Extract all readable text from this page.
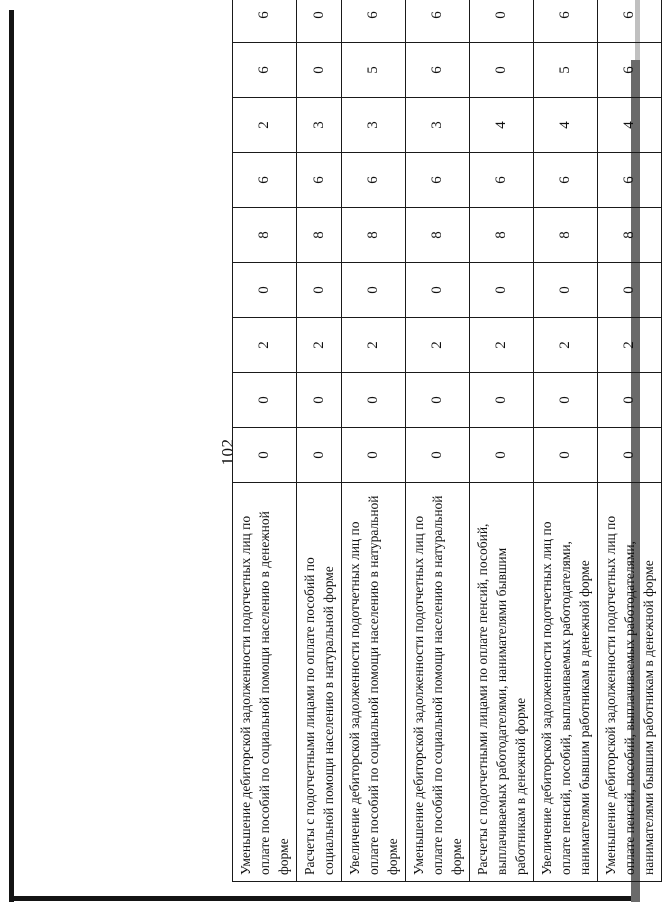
102
Уменьшение дебиторской задолженности подотчетных лиц по оплате пособий по социальной помощи населению в денежной форме	0	0	2	0	8	6	2	6	6	
Расчеты с подотчетными лицами по оплате пособий по социальной помощи населению в натуральной форме	0	0	2	0	8	6	3	0	0	
Увеличение дебиторской задолженности подотчетных лиц по оплате пособий по социальной помощи населению в натуральной форме	0	0	2	0	8	6	3	5	6	
Уменьшение дебиторской задолженности подотчетных лиц по оплате пособий по социальной помощи населению в натуральной форме	0	0	2	0	8	6	3	6	6	
Расчеты с подотчетными лицами по оплате пенсий, пособий, выплачиваемых работодателями, нанимателями бывшим работникам в денежной форме	0	0	2	0	8	6	4	0	0	
Увеличение дебиторской задолженности подотчетных лиц по оплате пенсий, пособий, выплачиваемых работодателями, нанимателями бывшим работникам в денежной форме	0	0	2	0	8	6	4	5	6	
Уменьшение дебиторской задолженности подотчетных лиц по оплате пенсий, пособий, выплачиваемых работодателями, нанимателями бывшим работникам в денежной форме	0	0	2	0	8	6	4	6	6	
